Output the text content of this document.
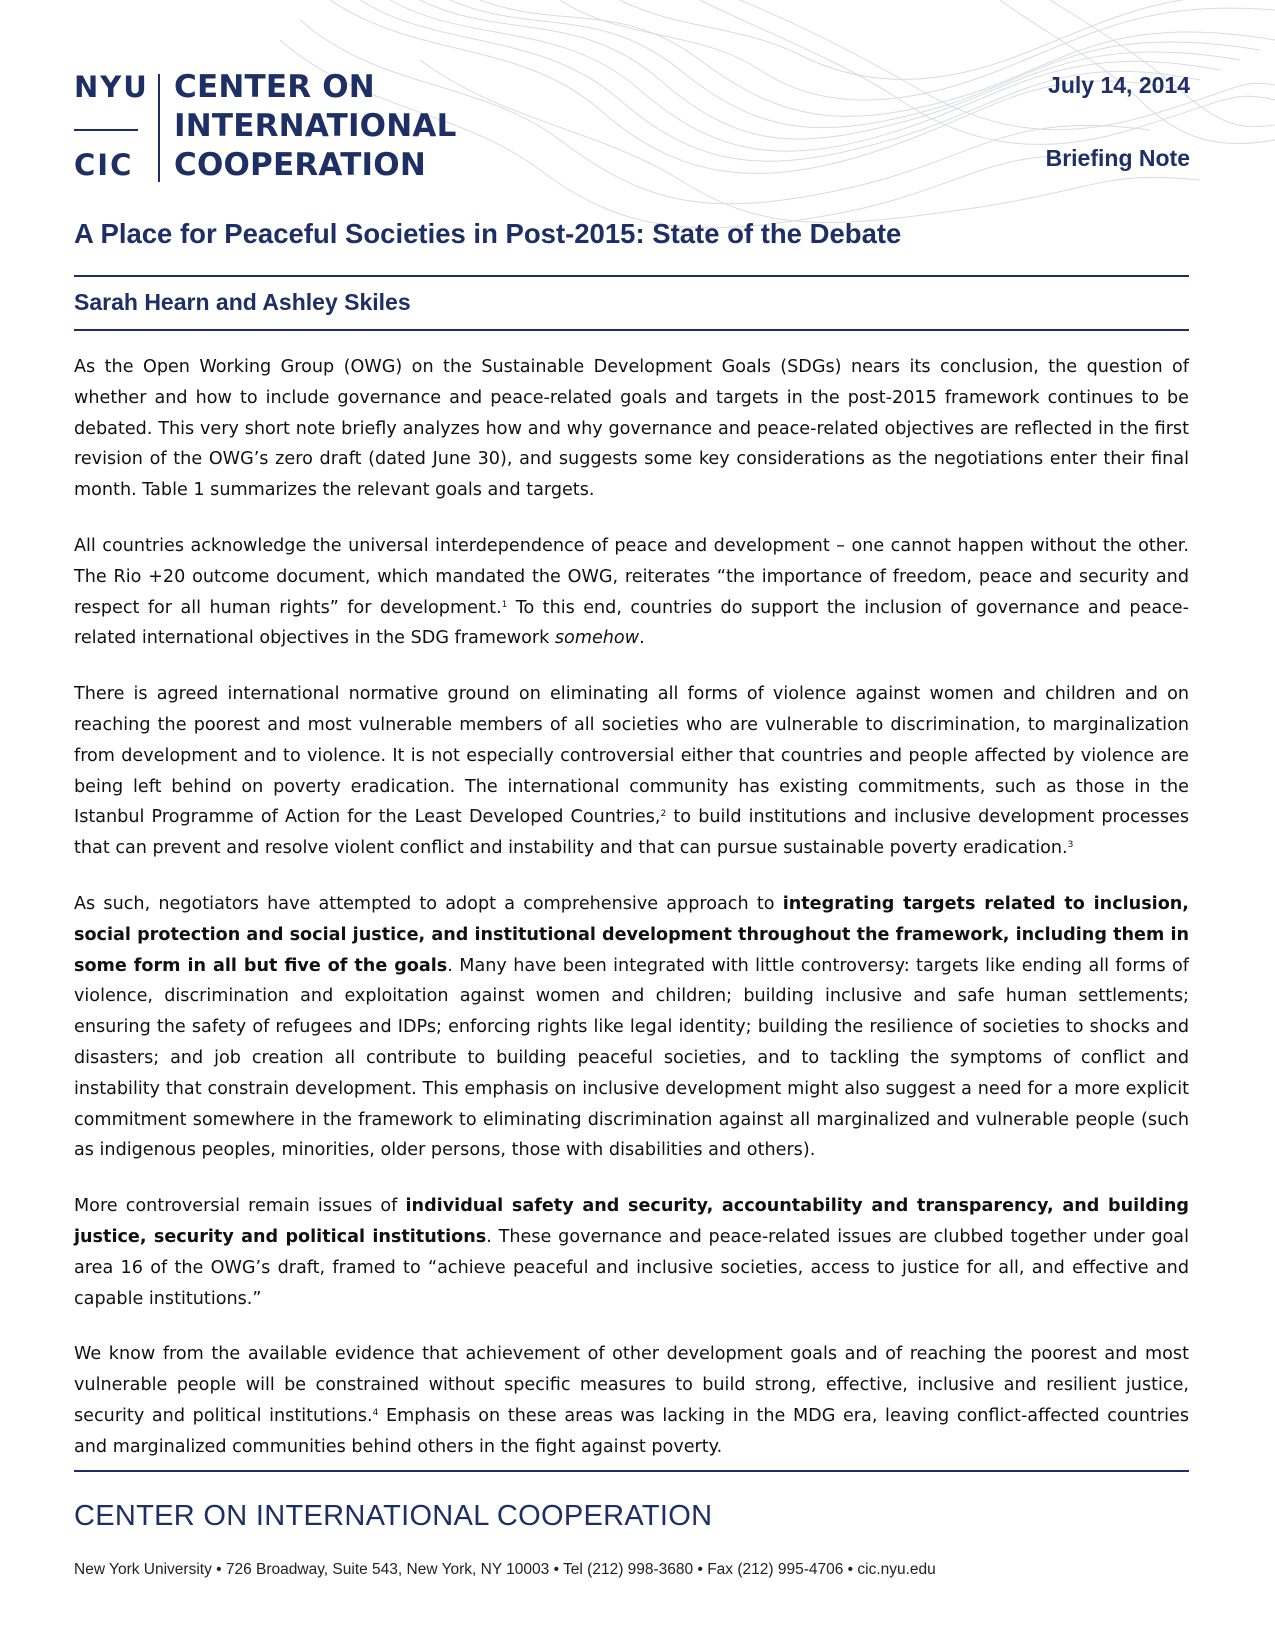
NYU
CIC
CENTER ON
INTERNATIONAL
COOPERATION
July 14, 2014
Briefing Note
A Place for Peaceful Societies in Post-2015: State of the Debate
Sarah Hearn and Ashley Skiles

As the Open Working Group (OWG) on the Sustainable Development Goals (SDGs) nears its conclusion, the question of whether and how to include governance and peace-related goals and targets in the post-2015 framework continues to be debated. This very short note briefly analyzes how and why governance and peace-related objectives are reflected in the first revision of the OWG’s zero draft (dated June 30), and suggests some key considerations as the negotiations enter their final month. Table 1 summarizes the relevant goals and targets.

All countries acknowledge the universal interdependence of peace and development – one cannot happen without the other. The Rio +20 outcome document, which mandated the OWG, reiterates “the importance of freedom, peace and security and respect for all human rights” for development.$^1$ To this end, countries do support the inclusion of governance and peace-related international objectives in the SDG framework somehow.

There is agreed international normative ground on eliminating all forms of violence against women and children and on reaching the poorest and most vulnerable members of all societies who are vulnerable to discrimination, to marginalization from development and to violence. It is not especially controversial either that countries and people affected by violence are being left behind on poverty eradication. The international community has existing commitments, such as those in the Istanbul Programme of Action for the Least Developed Countries,$^2$ to build institutions and inclusive development processes that can prevent and resolve violent conflict and instability and that can pursue sustainable poverty eradication.$^3$

As such, negotiators have attempted to adopt a comprehensive approach to integrating targets related to inclusion, social protection and social justice, and institutional development throughout the framework, including them in some form in all but five of the goals. Many have been integrated with little controversy: targets like ending all forms of violence, discrimination and exploitation against women and children; building inclusive and safe human settlements; ensuring the safety of refugees and IDPs; enforcing rights like legal identity; building the resilience of societies to shocks and disasters; and job creation all contribute to building peaceful societies, and to tackling the symptoms of conflict and instability that constrain development. This emphasis on inclusive development might also suggest a need for a more explicit commitment somewhere in the framework to eliminating discrimination against all marginalized and vulnerable people (such as indigenous peoples, minorities, older persons, those with disabilities and others).

More controversial remain issues of individual safety and security, accountability and transparency, and building justice, security and political institutions. These governance and peace-related issues are clubbed together under goal area 16 of the OWG’s draft, framed to “achieve peaceful and inclusive societies, access to justice for all, and effective and capable institutions.”

We know from the available evidence that achievement of other development goals and of reaching the poorest and most vulnerable people will be constrained without specific measures to build strong, effective, inclusive and resilient justice, security and political institutions.$^4$ Emphasis on these areas was lacking in the MDG era, leaving conflict-affected countries and marginalized communities behind others in the fight against poverty.

CENTER ON INTERNATIONAL COOPERATION
New York University • 726 Broadway, Suite 543, New York, NY 10003 • Tel (212) 998-3680 • Fax (212) 995-4706 • cic.nyu.edu
